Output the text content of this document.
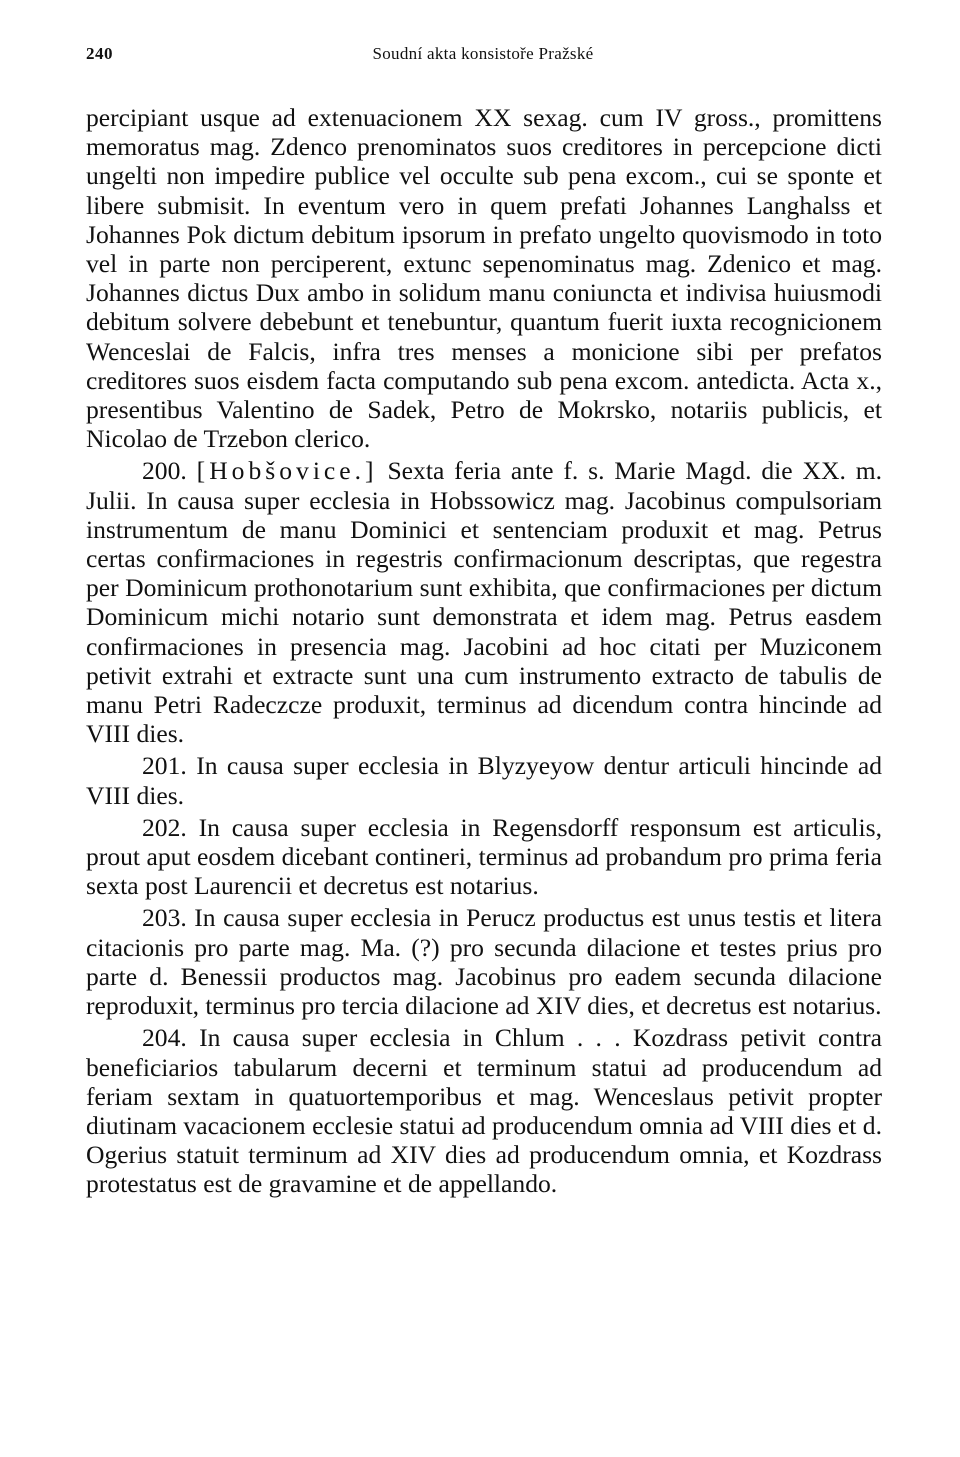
240	Soudní akta konsistoře Pražské

percipiant usque ad extenuacionem XX sexag. cum IV gross., promittens memoratus mag. Zdenco prenominatos suos creditores in percepcione dicti ungelti non impedire publice vel occulte sub pena excom., cui se sponte et libere submisit. In eventum vero in quem prefati Johannes Langhalss et Johannes Pok dictum debitum ipsorum in prefato ungelto quovismodo in toto vel in parte non perciperent, extunc sepenominatus mag. Zdenico et mag. Johannes dictus Dux ambo in solidum manu coniuncta et indivisa huiusmodi debitum solvere debebunt et tenebuntur, quantum fuerit iuxta recognicionem Wenceslai de Falcis, infra tres menses a monicione sibi per prefatos creditores suos eisdem facta computando sub pena excom. antedicta. Acta x., presentibus Valentino de Sadek, Petro de Mokrsko, notariis publicis, et Nicolao de Trzebon clerico.

200. [Hobšovice.] Sexta feria ante f. s. Marie Magd. die XX. m. Julii. In causa super ecclesia in Hobssowicz mag. Jacobinus compulsoriam instrumentum de manu Dominici et sentenciam produxit et mag. Petrus certas confirmaciones in regestris confirmacionum descriptas, que regestra per Dominicum prothonotarium sunt exhibita, que confirmaciones per dictum Dominicum michi notario sunt demonstrata et idem mag. Petrus easdem confirmaciones in presencia mag. Jacobini ad hoc citati per Muziconem petivit extrahi et extracte sunt una cum instrumento extracto de tabulis de manu Petri Radeczcze produxit, terminus ad dicendum contra hincinde ad VIII dies.

201. In causa super ecclesia in Blyzyeyow dentur articuli hincinde ad VIII dies.

202. In causa super ecclesia in Regensdorff responsum est articulis, prout aput eosdem dicebant contineri, terminus ad probandum pro prima feria sexta post Laurencii et decretus est notarius.

203. In causa super ecclesia in Perucz productus est unus testis et litera citacionis pro parte mag. Ma. (?) pro secunda dilacione et testes prius pro parte d. Benessii productos mag. Jacobinus pro eadem secunda dilacione reproduxit, terminus pro tercia dilacione ad XIV dies, et decretus est notarius.

204. In causa super ecclesia in Chlum . . . Kozdrass petivit contra beneficiarios tabularum decerni et terminum statui ad producendum ad feriam sextam in quatuortemporibus et mag. Wenceslaus petivit propter diutinam vacacionem ecclesie statui ad producendum omnia ad VIII dies et d. Ogerius statuit terminum ad XIV dies ad producendum omnia, et Kozdrass protestatus est de gravamine et de appellando.
